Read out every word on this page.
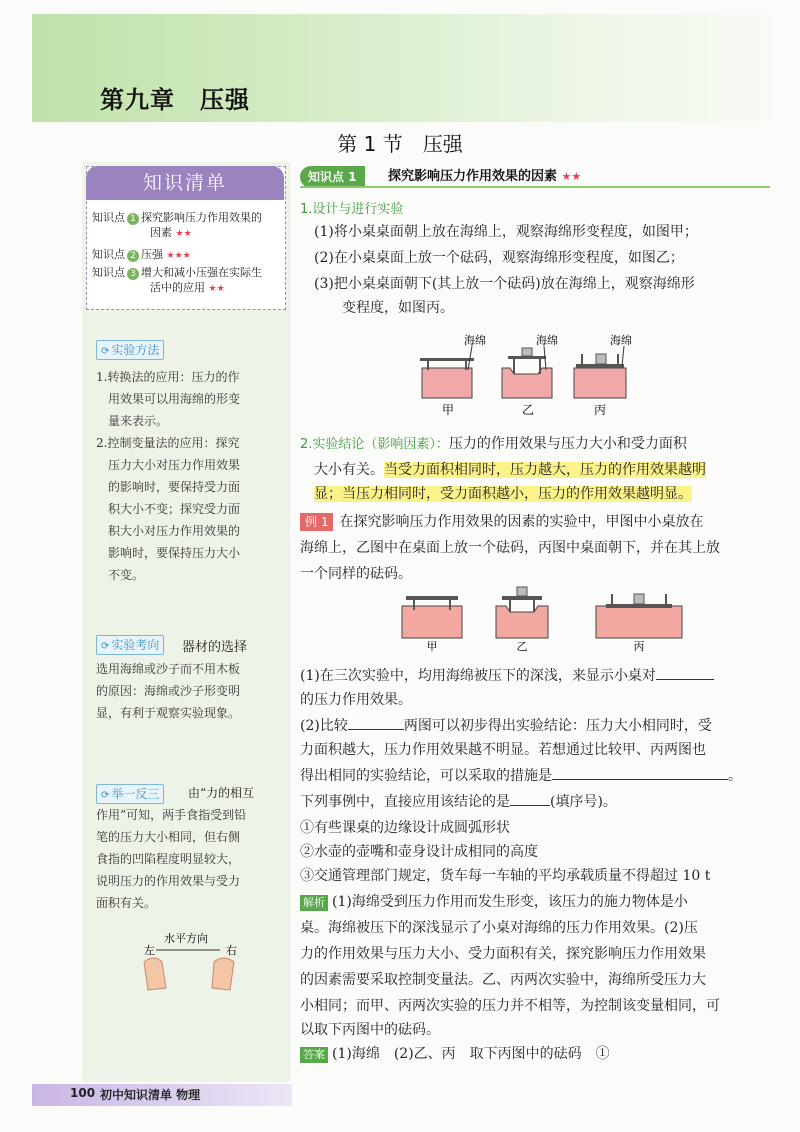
第九章　压强
第 1 节　压强
知识清单
知识点 1 探究影响压力作用效果的
因素 ★★
知识点 2 压强 ★★★
知识点 3 增大和减小压强在实际生
活中的应用 ★★
⟳ 实验方法
1.转换法的应用：压力的作
用效果可以用海绵的形变
量来表示。
2.控制变量法的应用：探究
压力大小对压力作用效果
的影响时，要保持受力面
积大小不变；探究受力面
积大小对压力作用效果的
影响时，要保持压力大小
不变。
⟳ 实验考向	器材的选择
选用海绵或沙子而不用木板
的原因：海绵或沙子形变明
显，有利于观察实验现象。
⟳ 举一反三	由“力的相互
作用”可知，两手食指受到铅
笔的压力大小相同，但右侧
食指的凹陷程度明显较大，
说明压力的作用效果与受力
面积有关。
水平方向
左	右
知识点 1	探究影响压力作用效果的因素 ★★
1.设计与进行实验
(1)将小桌桌面朝上放在海绵上，观察海绵形变程度，如图甲；
(2)在小桌桌面上放一个砝码，观察海绵形变程度，如图乙；
(3)把小桌桌面朝下(其上放一个砝码)放在海绵上，观察海绵形
变程度，如图丙。
海绵
甲
海绵
乙
海绵
丙
2.实验结论（影响因素）：压力的作用效果与压力大小和受力面积
大小有关。当受力面积相同时，压力越大，压力的作用效果越明
显；当压力相同时，受力面积越小，压力的作用效果越明显。
例 1 在探究影响压力作用效果的因素的实验中，甲图中小桌放在
海绵上，乙图中在桌面上放一个砝码，丙图中桌面朝下，并在其上放
一个同样的砝码。
甲	乙	丙
(1)在三次实验中，均用海绵被压下的深浅，来显示小桌对
的压力作用效果。
(2)比较	两图可以初步得出实验结论：压力大小相同时，受
力面积越大，压力作用效果越不明显。若想通过比较甲、丙两图也
得出相同的实验结论，可以采取的措施是	。
下列事例中，直接应用该结论的是	(填序号)。
①有些课桌的边缘设计成圆弧形状
②水壶的壶嘴和壶身设计成相同的高度
③交通管理部门规定，货车每一车轴的平均承载质量不得超过 10 t
解析 (1)海绵受到压力作用而发生形变，该压力的施力物体是小
桌。海绵被压下的深浅显示了小桌对海绵的压力作用效果。(2)压
力的作用效果与压力大小、受力面积有关，探究影响压力作用效果
的因素需要采取控制变量法。乙、丙两次实验中，海绵所受压力大
小相同；而甲、丙两次实验的压力并不相等，为控制该变量相同，可
以取下丙图中的砝码。
答案 (1)海绵　(2)乙、丙　取下丙图中的砝码　①
100 初中知识清单 物理
